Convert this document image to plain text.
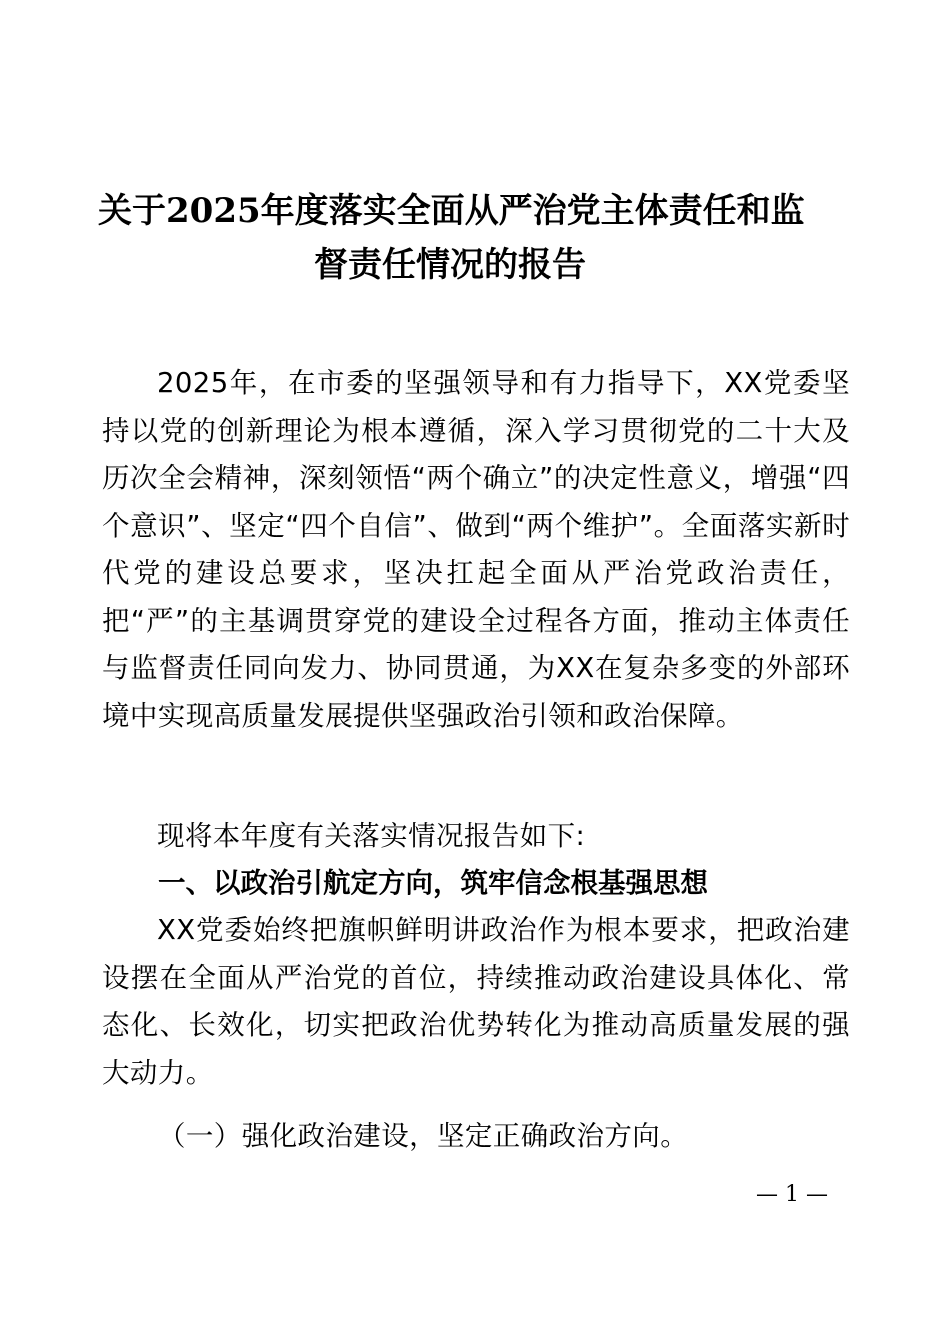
关于2025年度落实全面从严治党主体责任和监
督责任情况的报告

2025年，在市委的坚强领导和有力指导下，XX党委坚持以党的创新理论为根本遵循，深入学习贯彻党的二十大及历次全会精神，深刻领悟“两个确立”的决定性意义，增强“四个意识”、坚定“四个自信”、做到“两个维护”。全面落实新时代党的建设总要求，坚决扛起全面从严治党政治责任，把“严”的主基调贯穿党的建设全过程各方面，推动主体责任与监督责任同向发力、协同贯通，为XX在复杂多变的外部环境中实现高质量发展提供坚强政治引领和政治保障。

现将本年度有关落实情况报告如下:

一、以政治引航定方向，筑牢信念根基强思想

XX党委始终把旗帜鲜明讲政治作为根本要求，把政治建设摆在全面从严治党的首位，持续推动政治建设具体化、常态化、长效化，切实把政治优势转化为推动高质量发展的强大动力。

（一）强化政治建设，坚定正确政治方向。
— 1 —
